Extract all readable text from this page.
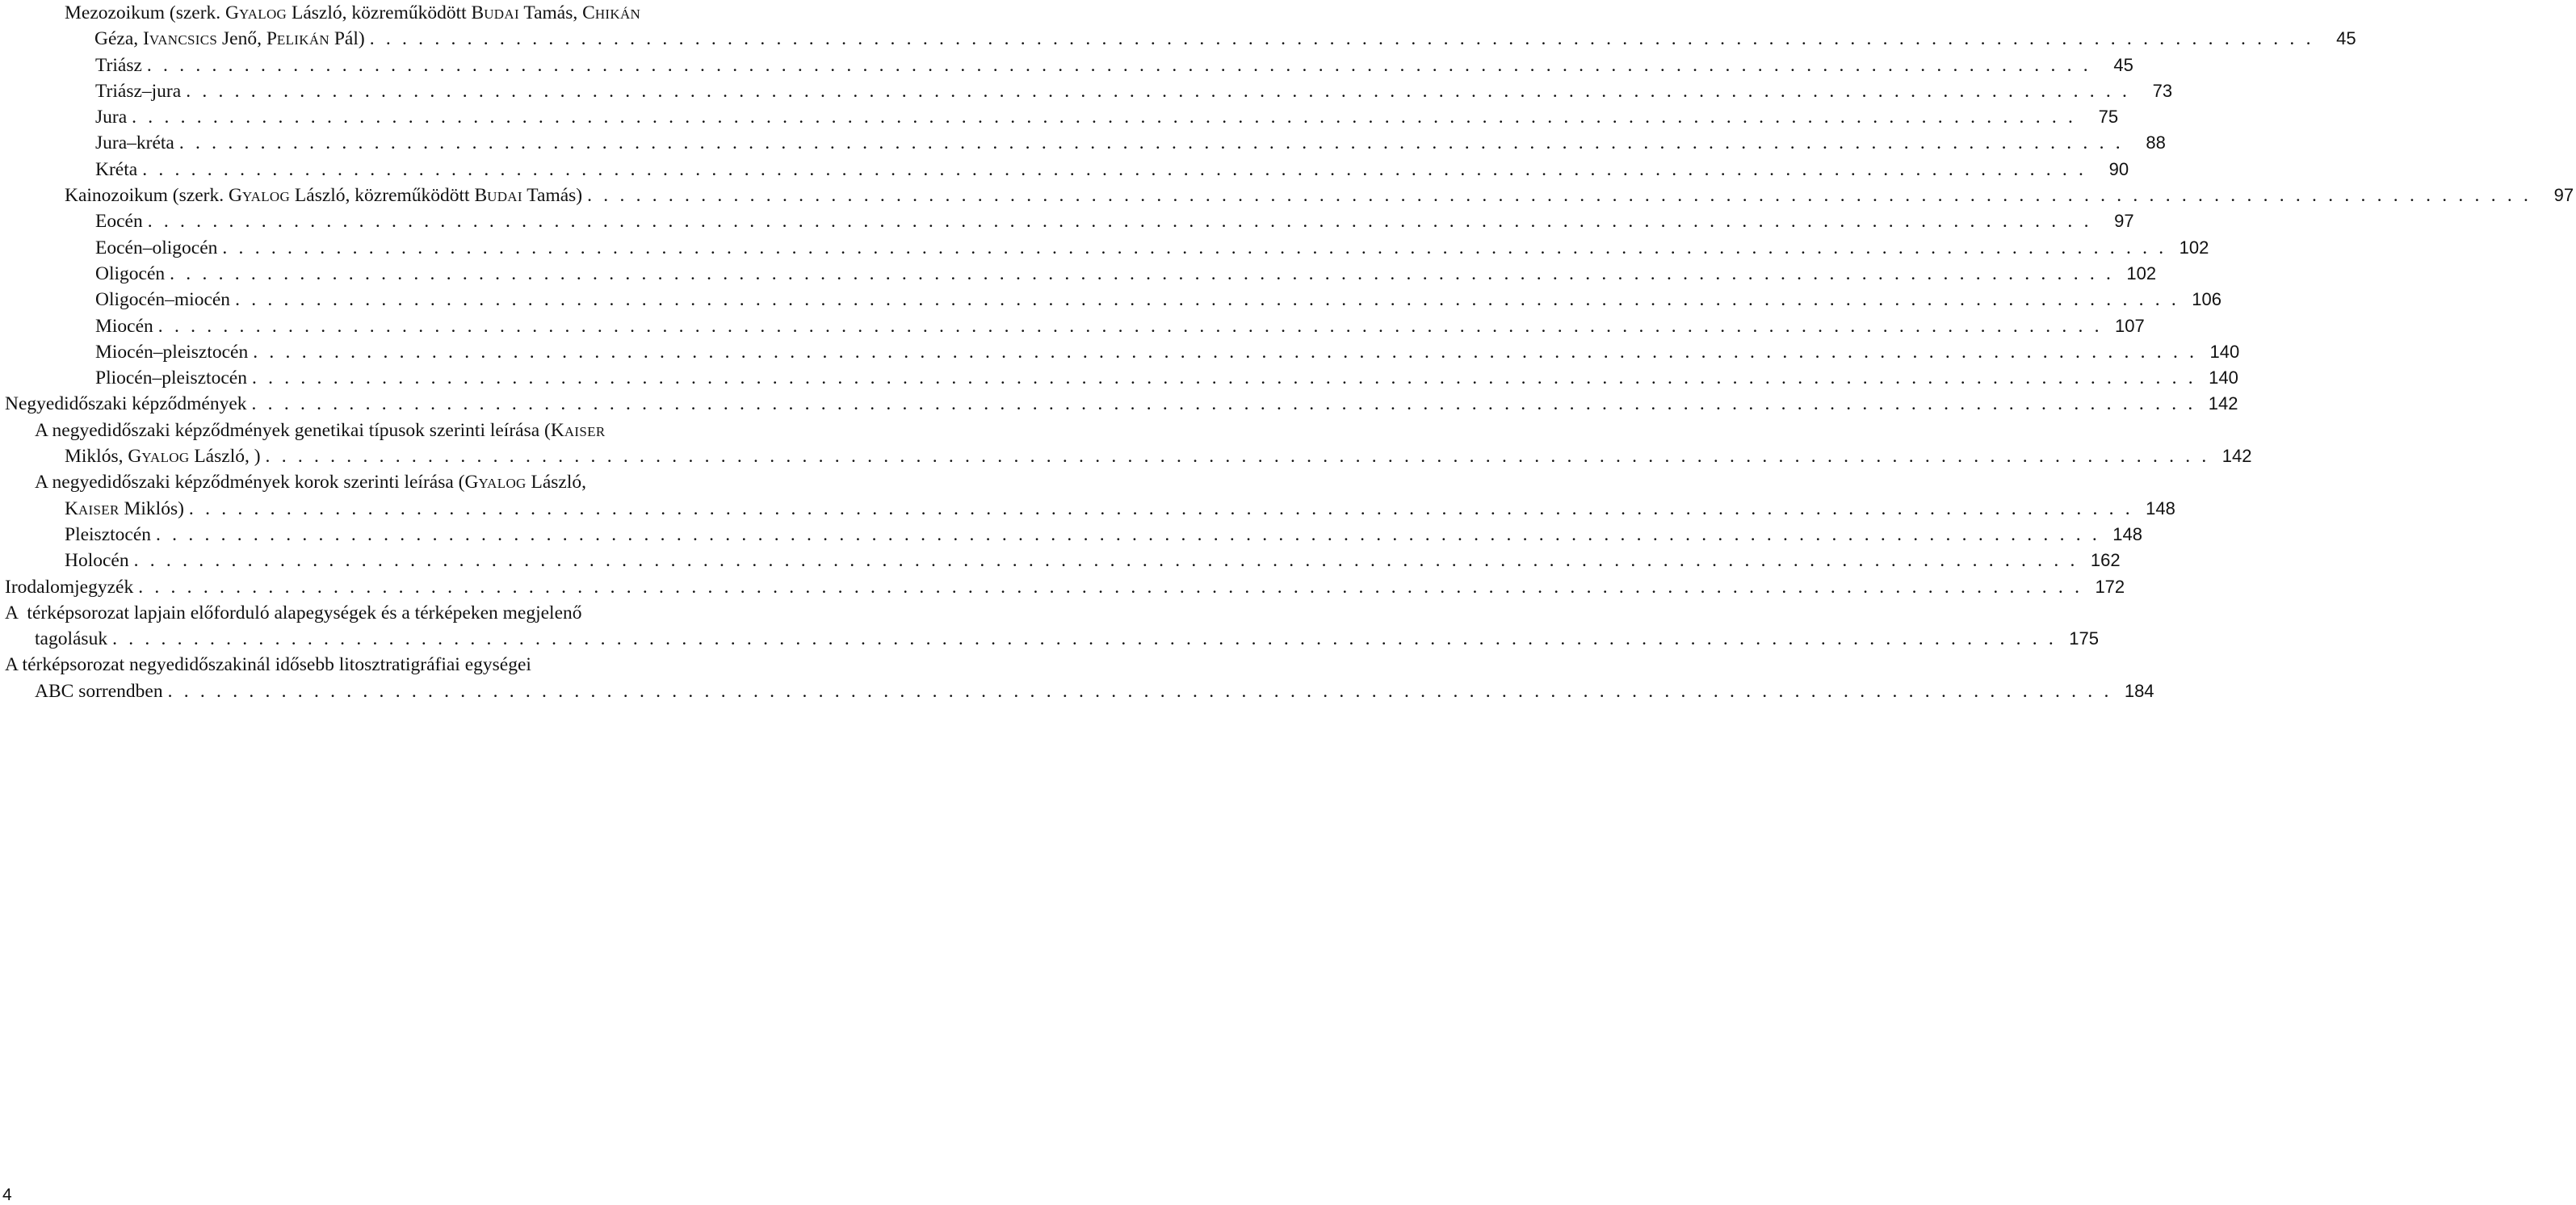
Mezozoikum (szerk. GYALOG László, közreműködött BUDAI Tamás, CHIKÁN
Géza, IVANCSICS Jenő, PELIKÁN Pál) . . . . . . . . . . . . . . . . . . . . . . . . . . . . . . . . . . . . . . . . . . . . . . . . . . . . . . . . . . . . . . . . . . . . . . . . . . . . . . . . . . . . . . . . . . . . . . . . . . . . . . . . . . . . . . . . . . . . . . . .	45
Triász . . . . . . . . . . . . . . . . . . . . . . . . . . . . . . . . . . . . . . . . . . . . . . . . . . . . . . . . . . . . . . . . . . . . . . . . . . . . . . . . . . . . . . . . . . . . . . . . . . . . . . . . . . . . . . . . . . . . . . . .	45
Triász–jura . . . . . . . . . . . . . . . . . . . . . . . . . . . . . . . . . . . . . . . . . . . . . . . . . . . . . . . . . . . . . . . . . . . . . . . . . . . . . . . . . . . . . . . . . . . . . . . . . . . . . . . . . . . . . . . . . . . . . . . .	73
Jura . . . . . . . . . . . . . . . . . . . . . . . . . . . . . . . . . . . . . . . . . . . . . . . . . . . . . . . . . . . . . . . . . . . . . . . . . . . . . . . . . . . . . . . . . . . . . . . . . . . . . . . . . . . . . . . . . . . . . . . .	75
Jura–kréta . . . . . . . . . . . . . . . . . . . . . . . . . . . . . . . . . . . . . . . . . . . . . . . . . . . . . . . . . . . . . . . . . . . . . . . . . . . . . . . . . . . . . . . . . . . . . . . . . . . . . . . . . . . . . . . . . . . . . . . .	88
Kréta . . . . . . . . . . . . . . . . . . . . . . . . . . . . . . . . . . . . . . . . . . . . . . . . . . . . . . . . . . . . . . . . . . . . . . . . . . . . . . . . . . . . . . . . . . . . . . . . . . . . . . . . . . . . . . . . . . . . . . . .	90
Kainozoikum (szerk. GYALOG László, közreműködött BUDAI Tamás) . . . . . . . . . . . . . . . . . . . . . . . . . . . . . . . . . . . . . . . . . . . . . . . . . . . . . . . . . . . . . . . . . . . . . . . . . . . . . . . . . . . . . . . . . . . . . . . . . . . . . . . . . . . . . . . . . . . . . . . .	97
Eocén . . . . . . . . . . . . . . . . . . . . . . . . . . . . . . . . . . . . . . . . . . . . . . . . . . . . . . . . . . . . . . . . . . . . . . . . . . . . . . . . . . . . . . . . . . . . . . . . . . . . . . . . . . . . . . . . . . . . . . . .	97
Eocén–oligocén . . . . . . . . . . . . . . . . . . . . . . . . . . . . . . . . . . . . . . . . . . . . . . . . . . . . . . . . . . . . . . . . . . . . . . . . . . . . . . . . . . . . . . . . . . . . . . . . . . . . . . . . . . . . . . . . . . . . . . . . 102
Oligocén . . . . . . . . . . . . . . . . . . . . . . . . . . . . . . . . . . . . . . . . . . . . . . . . . . . . . . . . . . . . . . . . . . . . . . . . . . . . . . . . . . . . . . . . . . . . . . . . . . . . . . . . . . . . . . . . . . . . . . . . 102
Oligocén–miocén . . . . . . . . . . . . . . . . . . . . . . . . . . . . . . . . . . . . . . . . . . . . . . . . . . . . . . . . . . . . . . . . . . . . . . . . . . . . . . . . . . . . . . . . . . . . . . . . . . . . . . . . . . . . . . . . . . . . . . . . 106
Miocén . . . . . . . . . . . . . . . . . . . . . . . . . . . . . . . . . . . . . . . . . . . . . . . . . . . . . . . . . . . . . . . . . . . . . . . . . . . . . . . . . . . . . . . . . . . . . . . . . . . . . . . . . . . . . . . . . . . . . . . . 107
Miocén–pleisztocén . . . . . . . . . . . . . . . . . . . . . . . . . . . . . . . . . . . . . . . . . . . . . . . . . . . . . . . . . . . . . . . . . . . . . . . . . . . . . . . . . . . . . . . . . . . . . . . . . . . . . . . . . . . . . . . . . . . . . . . . 140
Pliocén–pleisztocén . . . . . . . . . . . . . . . . . . . . . . . . . . . . . . . . . . . . . . . . . . . . . . . . . . . . . . . . . . . . . . . . . . . . . . . . . . . . . . . . . . . . . . . . . . . . . . . . . . . . . . . . . . . . . . . . . . . . . . . . 140
Negyedidőszaki képződmények . . . . . . . . . . . . . . . . . . . . . . . . . . . . . . . . . . . . . . . . . . . . . . . . . . . . . . . . . . . . . . . . . . . . . . . . . . . . . . . . . . . . . . . . . . . . . . . . . . . . . . . . . . . . . . . . . . . . . . . . 142
A negyedidőszaki képződmények genetikai típusok szerinti leírása (KAISER
Miklós, GYALOG László, ) . . . . . . . . . . . . . . . . . . . . . . . . . . . . . . . . . . . . . . . . . . . . . . . . . . . . . . . . . . . . . . . . . . . . . . . . . . . . . . . . . . . . . . . . . . . . . . . . . . . . . . . . . . . . . . . . . . . . . . . . 142
A negyedidőszaki képződmények korok szerinti leírása (GYALOG László,
KAISER Miklós) . . . . . . . . . . . . . . . . . . . . . . . . . . . . . . . . . . . . . . . . . . . . . . . . . . . . . . . . . . . . . . . . . . . . . . . . . . . . . . . . . . . . . . . . . . . . . . . . . . . . . . . . . . . . . . . . . . . . . . . . 148
Pleisztocén . . . . . . . . . . . . . . . . . . . . . . . . . . . . . . . . . . . . . . . . . . . . . . . . . . . . . . . . . . . . . . . . . . . . . . . . . . . . . . . . . . . . . . . . . . . . . . . . . . . . . . . . . . . . . . . . . . . . . . . . 148
Holocén . . . . . . . . . . . . . . . . . . . . . . . . . . . . . . . . . . . . . . . . . . . . . . . . . . . . . . . . . . . . . . . . . . . . . . . . . . . . . . . . . . . . . . . . . . . . . . . . . . . . . . . . . . . . . . . . . . . . . . . . 162
Irodalomjegyzék . . . . . . . . . . . . . . . . . . . . . . . . . . . . . . . . . . . . . . . . . . . . . . . . . . . . . . . . . . . . . . . . . . . . . . . . . . . . . . . . . . . . . . . . . . . . . . . . . . . . . . . . . . . . . . . . . . . . . . . . 172
A  térképsorozat lapjain előforduló alapegységek és a térképeken megjelenő
tagolásuk . . . . . . . . . . . . . . . . . . . . . . . . . . . . . . . . . . . . . . . . . . . . . . . . . . . . . . . . . . . . . . . . . . . . . . . . . . . . . . . . . . . . . . . . . . . . . . . . . . . . . . . . . . . . . . . . . . . . . . . . 175
A térképsorozat negyedidőszakinál idősebb litosztratigráfiai egységei
ABC sorrendben . . . . . . . . . . . . . . . . . . . . . . . . . . . . . . . . . . . . . . . . . . . . . . . . . . . . . . . . . . . . . . . . . . . . . . . . . . . . . . . . . . . . . . . . . . . . . . . . . . . . . . . . . . . . . . . . . . . . . . . . 184
4
